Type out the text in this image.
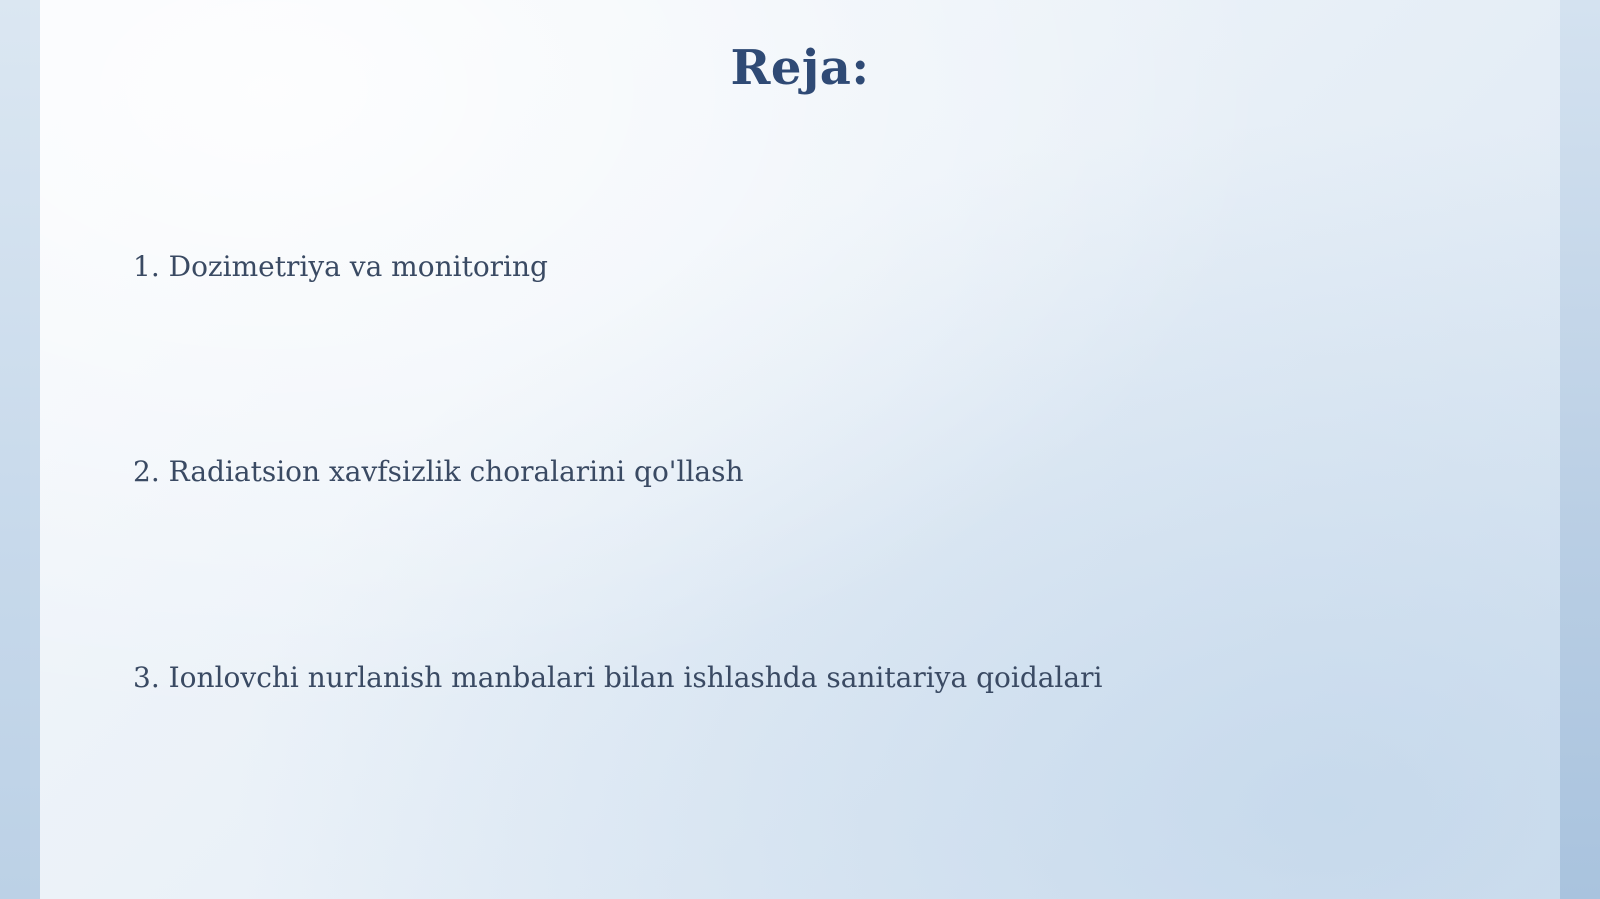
Reja:
1. Dozimetriya va monitoring
2. Radiatsion xavfsizlik choralarini qo'llash
3. Ionlovchi nurlanish manbalari bilan ishlashda sanitariya qoidalari
